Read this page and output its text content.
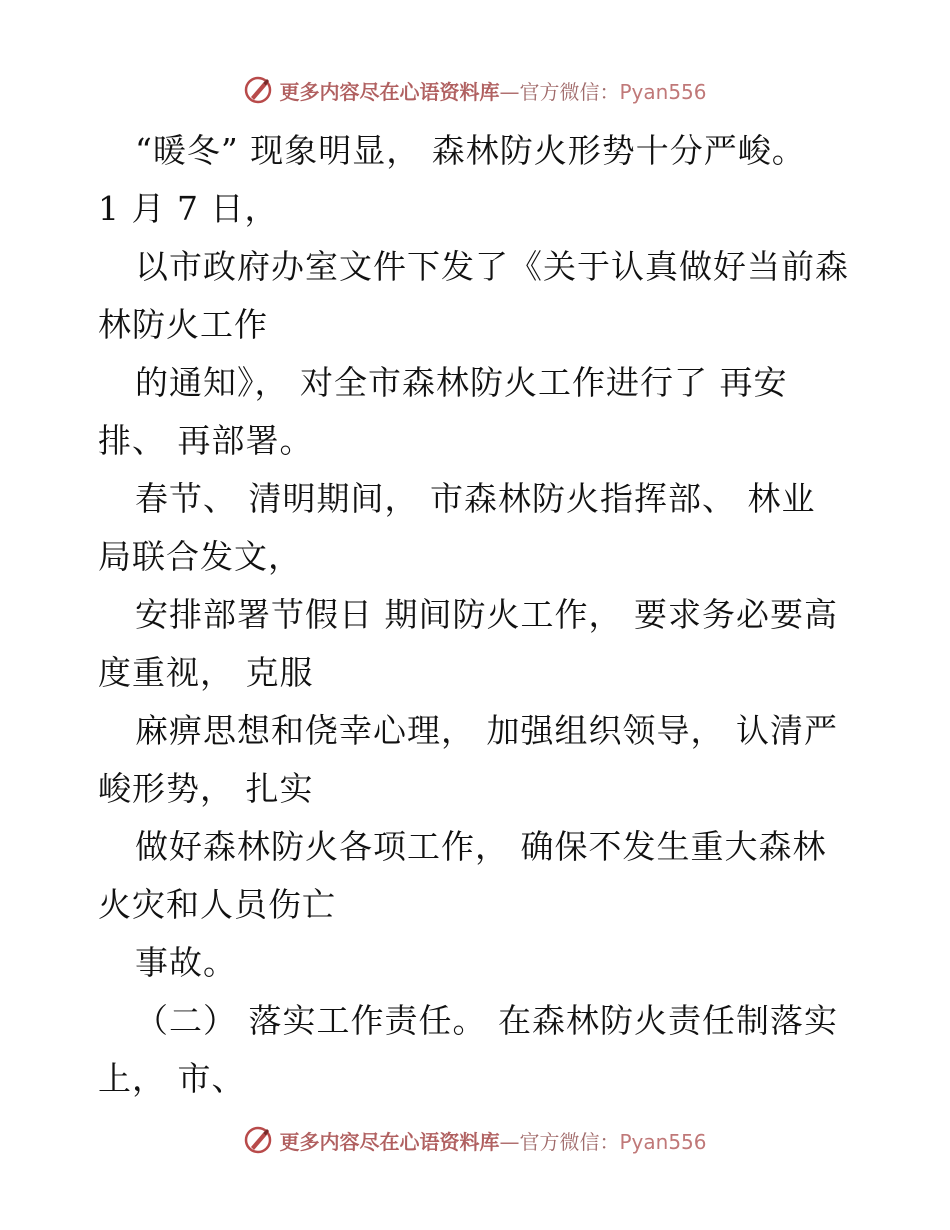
更多内容尽在心语资料库—官方微信：Pyan556
“暖冬” 现象明显， 森林防火形势十分严峻。
1 月 7 日，
以市政府办室文件下发了《关于认真做好当前森
林防火工作
的通知》， 对全市森林防火工作进行了 再安
排、 再部署。
春节、 清明期间， 市森林防火指挥部、 林业
局联合发文，
安排部署节假日 期间防火工作， 要求务必要高
度重视， 克服
麻痹思想和侥幸心理， 加强组织领导， 认清严
峻形势， 扎实
做好森林防火各项工作， 确保不发生重大森林
火灾和人员伤亡
事故。
（二） 落实工作责任。 在森林防火责任制落实
上， 市、
更多内容尽在心语资料库—官方微信：Pyan556
